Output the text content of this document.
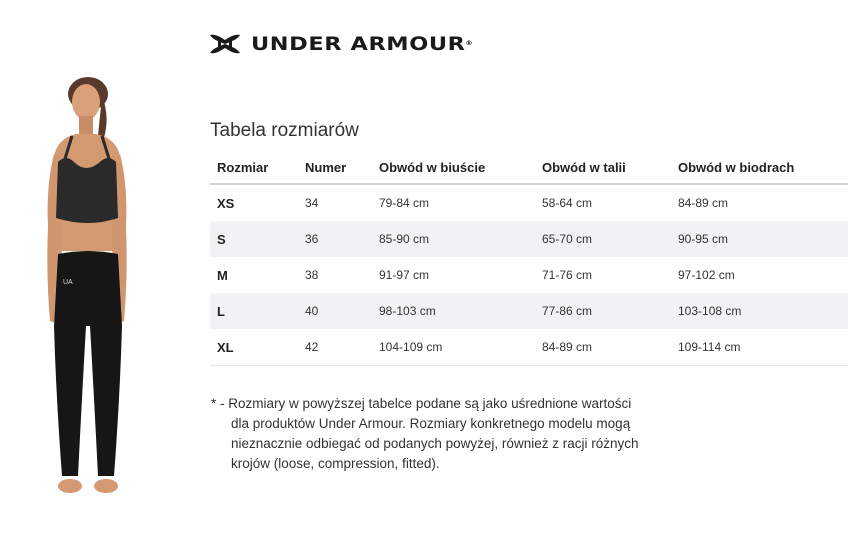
UNDER ARMOUR®
UA
Tabela rozmiarów
Rozmiar	Numer	Obwód w biuście	Obwód w talii	Obwód w biodrach
XS	34	79-84 cm	58-64 cm	84-89 cm
S	36	85-90 cm	65-70 cm	90-95 cm
M	38	91-97 cm	71-76 cm	97-102 cm
L	40	98-103 cm	77-86 cm	103-108 cm
XL	42	104-109 cm	84-89 cm	109-114 cm
* - Rozmiary w powyższej tabelce podane są jako uśrednione wartości
dla produktów Under Armour. Rozmiary konkretnego modelu mogą nieznacznie odbiegać od podanych powyżej, również z racji różnych krojów (loose, compression, fitted).
